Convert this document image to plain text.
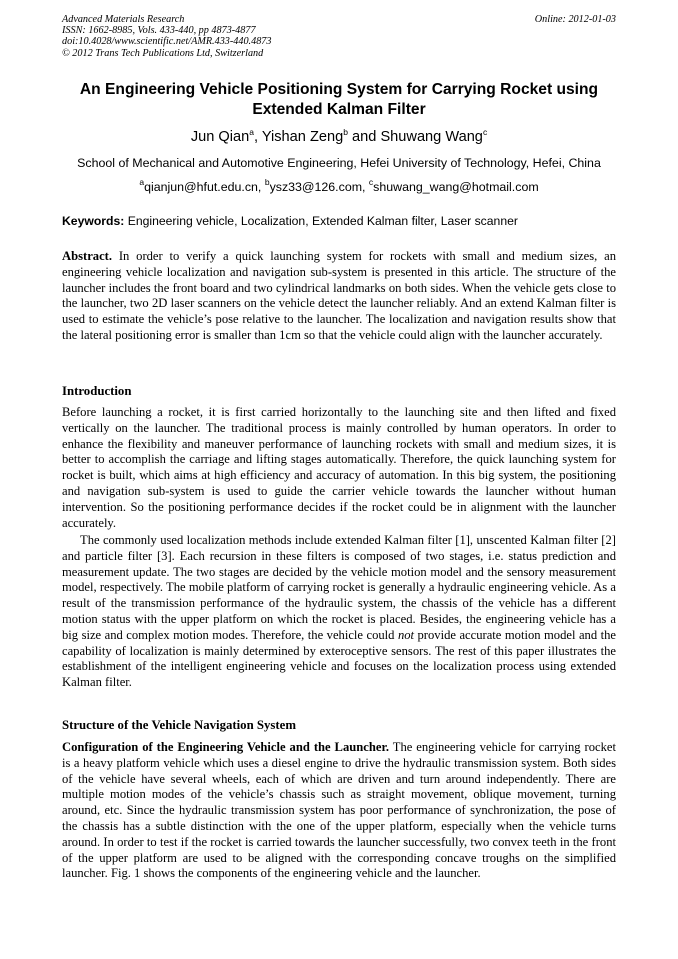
Advanced Materials Research
ISSN: 1662-8985, Vols. 433-440, pp 4873-4877
doi:10.4028/www.scientific.net/AMR.433-440.4873
© 2012 Trans Tech Publications Ltd, Switzerland
Online: 2012-01-03
An Engineering Vehicle Positioning System for Carrying Rocket using Extended Kalman Filter
Jun Qian$^a$, Yishan Zeng$^b$ and Shuwang Wang$^c$
School of Mechanical and Automotive Engineering, Hefei University of Technology, Hefei, China
$^a$qianjun@hfut.edu.cn, $^b$ysz33@126.com, $^c$shuwang_wang@hotmail.com
Keywords: Engineering vehicle, Localization, Extended Kalman filter, Laser scanner
Abstract. In order to verify a quick launching system for rockets with small and medium sizes, an engineering vehicle localization and navigation sub-system is presented in this article. The structure of the launcher includes the front board and two cylindrical landmarks on both sides. When the vehicle gets close to the launcher, two 2D laser scanners on the vehicle detect the launcher reliably. And an extend Kalman filter is used to estimate the vehicle’s pose relative to the launcher. The localization and navigation results show that the lateral positioning error is smaller than 1cm so that the vehicle could align with the launcher accurately.
Introduction
Before launching a rocket, it is first carried horizontally to the launching site and then lifted and fixed vertically on the launcher. The traditional process is mainly controlled by human operators. In order to enhance the flexibility and maneuver performance of launching rockets with small and medium sizes, it is better to accomplish the carriage and lifting stages automatically. Therefore, the quick launching system for rocket is built, which aims at high efficiency and accuracy of automation. In this big system, the positioning and navigation sub-system is used to guide the carrier vehicle towards the launcher without human intervention. So the positioning performance decides if the rocket could be in alignment with the launcher accurately.
The commonly used localization methods include extended Kalman filter [1], unscented Kalman filter [2] and particle filter [3]. Each recursion in these filters is composed of two stages, i.e. status prediction and measurement update. The two stages are decided by the vehicle motion model and the sensory measurement model, respectively. The mobile platform of carrying rocket is generally a hydraulic engineering vehicle. As a result of the transmission performance of the hydraulic system, the chassis of the vehicle has a different motion status with the upper platform on which the rocket is placed. Besides, the engineering vehicle has a big size and complex motion modes. Therefore, the vehicle could not provide accurate motion model and the capability of localization is mainly determined by exteroceptive sensors. The rest of this paper illustrates the establishment of the intelligent engineering vehicle and focuses on the localization process using extended Kalman filter.
Structure of the Vehicle Navigation System
Configuration of the Engineering Vehicle and the Launcher. The engineering vehicle for carrying rocket is a heavy platform vehicle which uses a diesel engine to drive the hydraulic transmission system. Both sides of the vehicle have several wheels, each of which are driven and turn around independently. There are multiple motion modes of the vehicle’s chassis such as straight movement, oblique movement, turning around, etc. Since the hydraulic transmission system has poor performance of synchronization, the pose of the chassis has a subtle distinction with the one of the upper platform, especially when the vehicle turns around. In order to test if the rocket is carried towards the launcher successfully, two convex teeth in the front of the upper platform are used to be aligned with the corresponding concave troughs on the simplified launcher. Fig. 1 shows the components of the engineering vehicle and the launcher.
